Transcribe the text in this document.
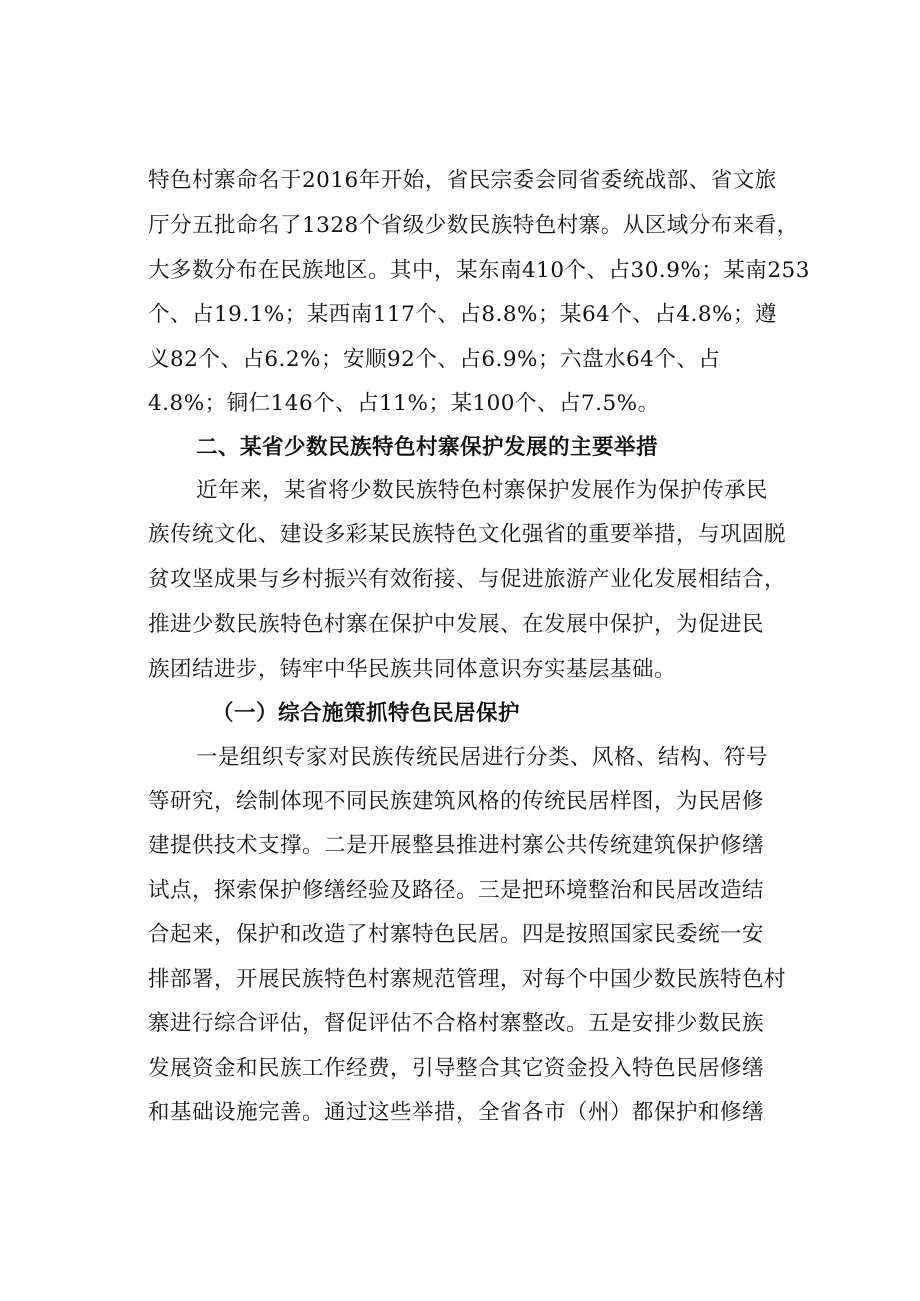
特色村寨命名于2016年开始，省民宗委会同省委统战部、省文旅
厅分五批命名了1328个省级少数民族特色村寨。从区域分布来看，
大多数分布在民族地区。其中，某东南410个、占30.9%；某南253
个、占19.1%；某西南117个、占8.8%；某64个、占4.8%；遵
义82个、占6.2%；安顺92个、占6.9%；六盘水64个、占
4.8%；铜仁146个、占11%；某100个、占7.5%。
二、某省少数民族特色村寨保护发展的主要举措
近年来，某省将少数民族特色村寨保护发展作为保护传承民
族传统文化、建设多彩某民族特色文化强省的重要举措，与巩固脱
贫攻坚成果与乡村振兴有效衔接、与促进旅游产业化发展相结合，
推进少数民族特色村寨在保护中发展、在发展中保护，为促进民
族团结进步，铸牢中华民族共同体意识夯实基层基础。
（一）综合施策抓特色民居保护
一是组织专家对民族传统民居进行分类、风格、结构、符号
等研究，绘制体现不同民族建筑风格的传统民居样图，为民居修
建提供技术支撑。二是开展整县推进村寨公共传统建筑保护修缮
试点，探索保护修缮经验及路径。三是把环境整治和民居改造结
合起来，保护和改造了村寨特色民居。四是按照国家民委统一安
排部署，开展民族特色村寨规范管理，对每个中国少数民族特色村
寨进行综合评估，督促评估不合格村寨整改。五是安排少数民族
发展资金和民族工作经费，引导整合其它资金投入特色民居修缮
和基础设施完善。通过这些举措，全省各市（州）都保护和修缮
